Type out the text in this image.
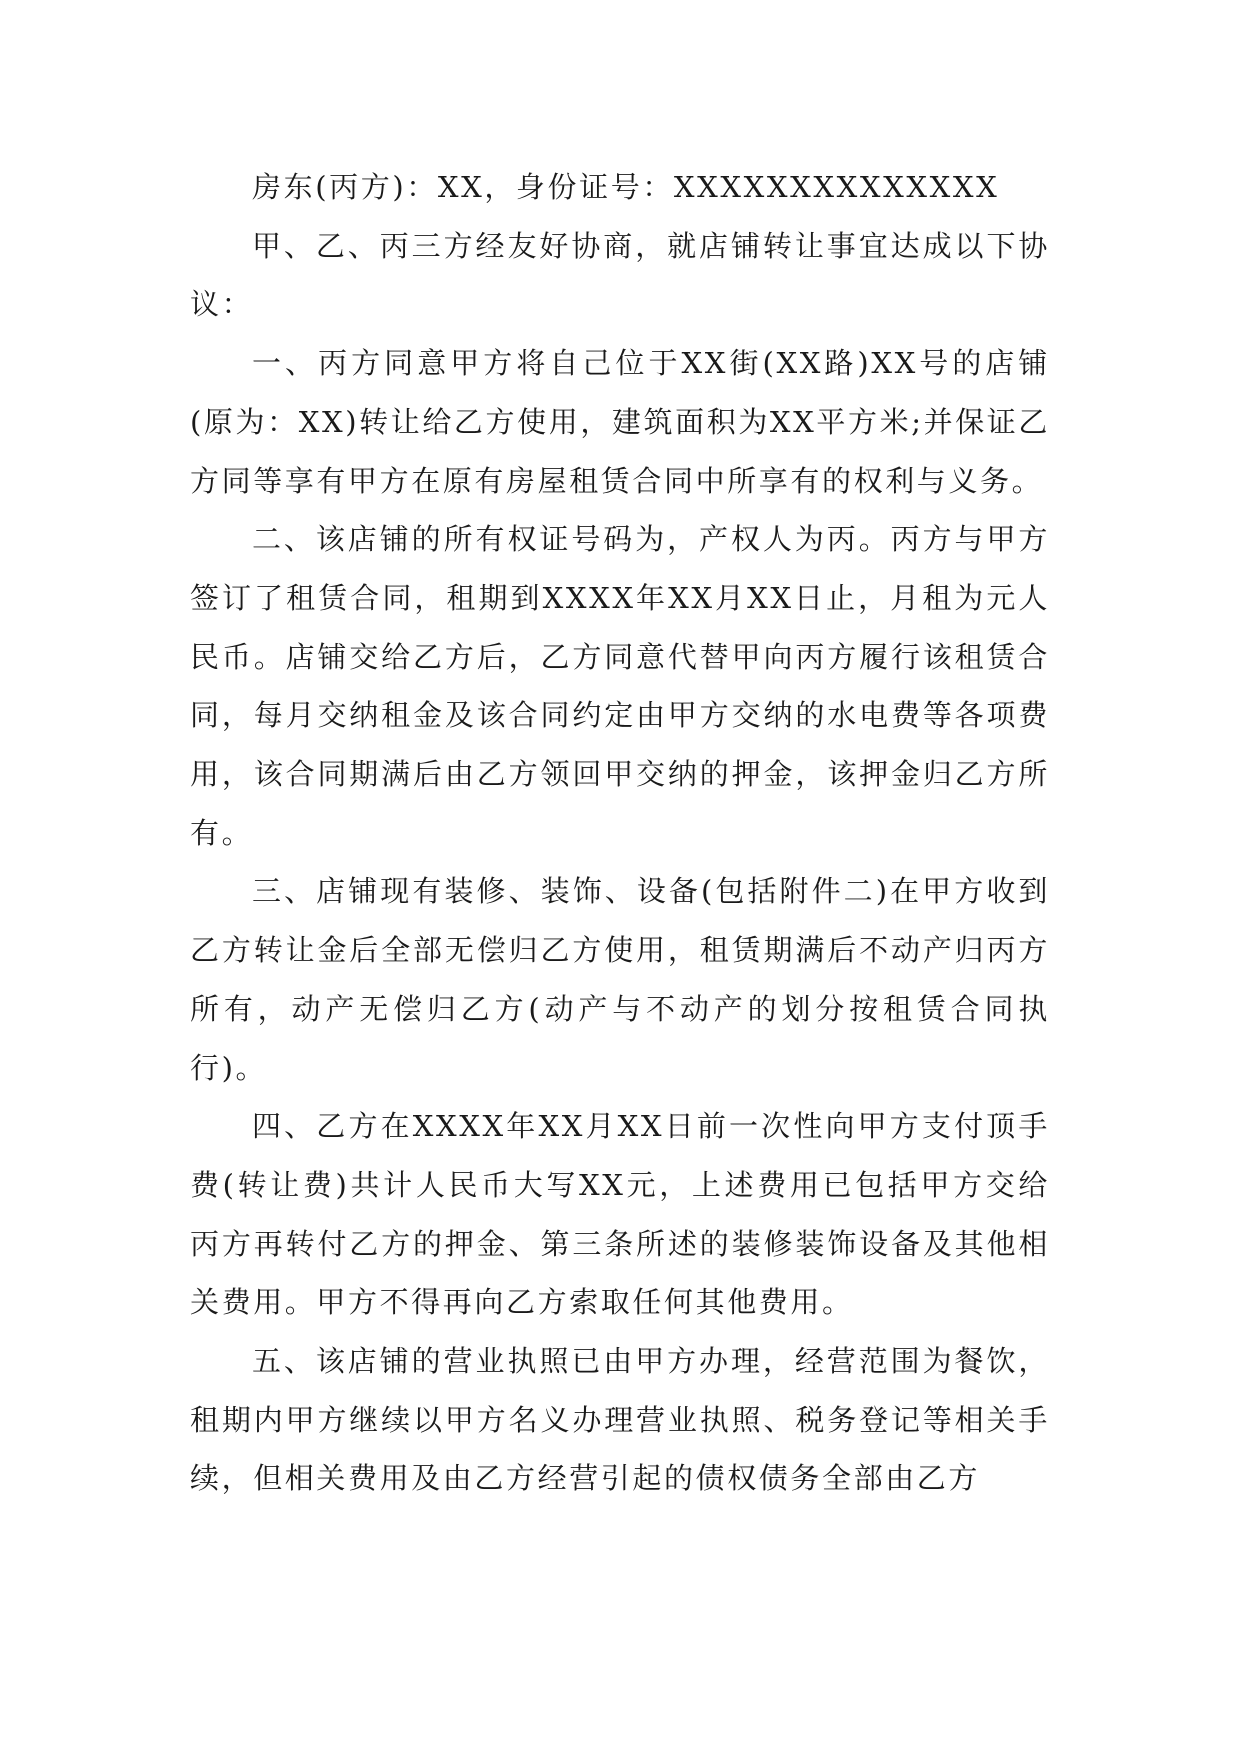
房东(丙方)：XX，身份证号：XXXXXXXXXXXXXX

甲、乙、丙三方经友好协商，就店铺转让事宜达成以下协议：

一、丙方同意甲方将自己位于XX街(XX路)XX号的店铺(原为：XX)转让给乙方使用，建筑面积为XX平方米;并保证乙方同等享有甲方在原有房屋租赁合同中所享有的权利与义务。

二、该店铺的所有权证号码为，产权人为丙。丙方与甲方签订了租赁合同，租期到XXXX年XX月XX日止，月租为元人民币。店铺交给乙方后，乙方同意代替甲向丙方履行该租赁合同，每月交纳租金及该合同约定由甲方交纳的水电费等各项费用，该合同期满后由乙方领回甲交纳的押金，该押金归乙方所有。

三、店铺现有装修、装饰、设备(包括附件二)在甲方收到乙方转让金后全部无偿归乙方使用，租赁期满后不动产归丙方所有，动产无偿归乙方(动产与不动产的划分按租赁合同执行)。

四、乙方在XXXX年XX月XX日前一次性向甲方支付顶手费(转让费)共计人民币大写XX元，上述费用已包括甲方交给丙方再转付乙方的押金、第三条所述的装修装饰设备及其他相关费用。甲方不得再向乙方索取任何其他费用。

五、该店铺的营业执照已由甲方办理，经营范围为餐饮，租期内甲方继续以甲方名义办理营业执照、税务登记等相关手续，但相关费用及由乙方经营引起的债权债务全部由乙方
